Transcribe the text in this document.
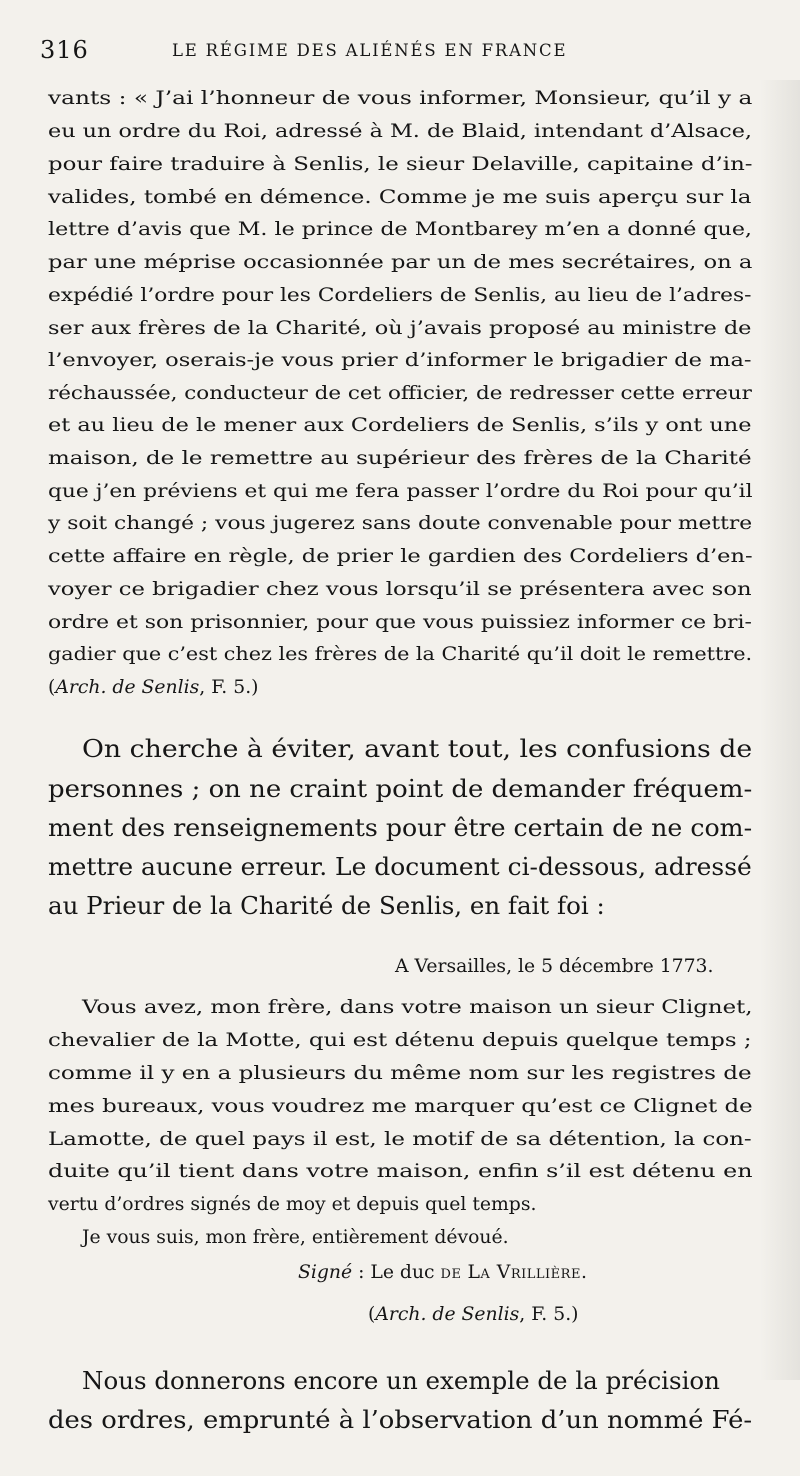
316	LE RÉGIME DES ALIÉNÉS EN FRANCE
vants : « J’ai l’honneur de vous informer, Monsieur, qu’il y a
eu un ordre du Roi, adressé à M. de Blaid, intendant d’Alsace,
pour faire traduire à Senlis, le sieur Delaville, capitaine d’in-
valides, tombé en démence. Comme je me suis aperçu sur la
lettre d’avis que M. le prince de Montbarey m’en a donné que,
par une méprise occasionnée par un de mes secrétaires, on a
expédié l’ordre pour les Cordeliers de Senlis, au lieu de l’adres-
ser aux frères de la Charité, où j’avais proposé au ministre de
l’envoyer, oserais-je vous prier d’informer le brigadier de ma-
réchaussée, conducteur de cet officier, de redresser cette erreur
et au lieu de le mener aux Cordeliers de Senlis, s’ils y ont une
maison, de le remettre au supérieur des frères de la Charité
que j’en préviens et qui me fera passer l’ordre du Roi pour qu’il
y soit changé ; vous jugerez sans doute convenable pour mettre
cette affaire en règle, de prier le gardien des Cordeliers d’en-
voyer ce brigadier chez vous lorsqu’il se présentera avec son
ordre et son prisonnier, pour que vous puissiez informer ce bri-
gadier que c’est chez les frères de la Charité qu’il doit le remettre.
(Arch. de Senlis, F. 5.)
On cherche à éviter, avant tout, les confusions de
personnes ; on ne craint point de demander fréquem-
ment des renseignements pour être certain de ne com-
mettre aucune erreur. Le document ci-dessous, adressé
au Prieur de la Charité de Senlis, en fait foi :
A Versailles, le 5 décembre 1773.
Vous avez, mon frère, dans votre maison un sieur Clignet,
chevalier de la Motte, qui est détenu depuis quelque temps ;
comme il y en a plusieurs du même nom sur les registres de
mes bureaux, vous voudrez me marquer qu’est ce Clignet de
Lamotte, de quel pays il est, le motif de sa détention, la con-
duite qu’il tient dans votre maison, enfin s’il est détenu en
vertu d’ordres signés de moy et depuis quel temps.
Je vous suis, mon frère, entièrement dévoué.
Signé : Le duc de La Vrillière.
(Arch. de Senlis, F. 5.)
Nous donnerons encore un exemple de la précision
des ordres, emprunté à l’observation d’un nommé Fé-
